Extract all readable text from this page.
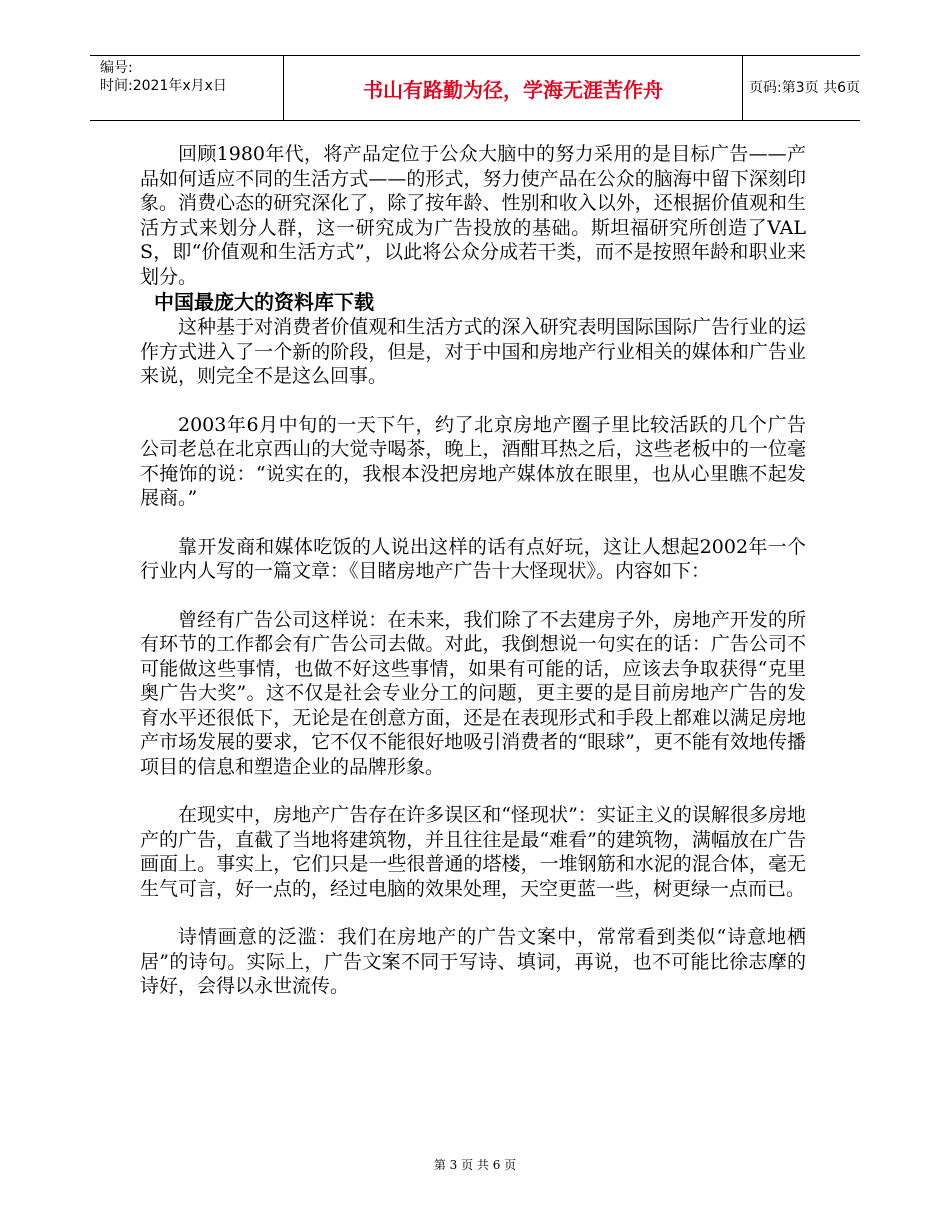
编号:
时间:2021年x月x日	书山有路勤为径，学海无涯苦作舟	页码:第3页 共6页

回顾1980年代，将产品定位于公众大脑中的努力采用的是目标广告——产品如何适应不同的生活方式——的形式，努力使产品在公众的脑海中留下深刻印象。消费心态的研究深化了，除了按年龄、性别和收入以外，还根据价值观和生活方式来划分人群，这一研究成为广告投放的基础。斯坦福研究所创造了VALS，即“价值观和生活方式”，以此将公众分成若干类，而不是按照年龄和职业来划分。

中国最庞大的资料库下载

这种基于对消费者价值观和生活方式的深入研究表明国际国际广告行业的运作方式进入了一个新的阶段，但是，对于中国和房地产行业相关的媒体和广告业来说，则完全不是这么回事。

2003年6月中旬的一天下午，约了北京房地产圈子里比较活跃的几个广告公司老总在北京西山的大觉寺喝茶，晚上，酒酣耳热之后，这些老板中的一位毫不掩饰的说：“说实在的，我根本没把房地产媒体放在眼里，也从心里瞧不起发展商。”

靠开发商和媒体吃饭的人说出这样的话有点好玩，这让人想起2002年一个行业内人写的一篇文章：《目睹房地产广告十大怪现状》。内容如下：

曾经有广告公司这样说：在未来，我们除了不去建房子外，房地产开发的所有环节的工作都会有广告公司去做。对此，我倒想说一句实在的话：广告公司不可能做这些事情，也做不好这些事情，如果有可能的话，应该去争取获得“克里奥广告大奖”。这不仅是社会专业分工的问题，更主要的是目前房地产广告的发育水平还很低下，无论是在创意方面，还是在表现形式和手段上都难以满足房地产市场发展的要求，它不仅不能很好地吸引消费者的“眼球”，更不能有效地传播项目的信息和塑造企业的品牌形象。

在现实中，房地产广告存在许多误区和“怪现状”：实证主义的误解很多房地产的广告，直截了当地将建筑物，并且往往是最“难看”的建筑物，满幅放在广告画面上。事实上，它们只是一些很普通的塔楼，一堆钢筋和水泥的混合体，毫无生气可言，好一点的，经过电脑的效果处理，天空更蓝一些，树更绿一点而已。

诗情画意的泛滥：我们在房地产的广告文案中，常常看到类似“诗意地栖居”的诗句。实际上，广告文案不同于写诗、填词，再说，也不可能比徐志摩的诗好，会得以永世流传。

第 3 页 共 6 页
